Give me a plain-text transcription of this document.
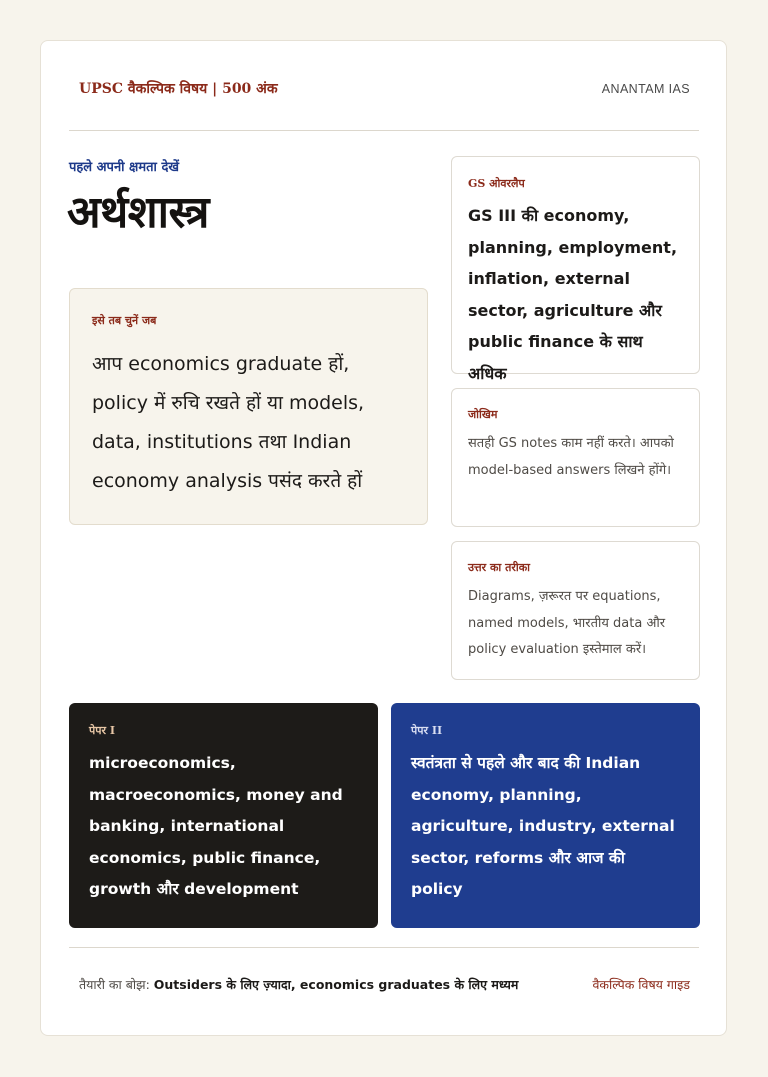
UPSC वैकल्पिक विषय | 500 अंक	ANANTAM IAS
पहले अपनी क्षमता देखें
अर्थशास्त्र
इसे तब चुनें जब
आप economics graduate हों, policy में रुचि रखते हों या models, data, institutions तथा Indian economy analysis पसंद करते हों
GS ओवरलैप
GS III की economy, planning, employment, inflation, external sector, agriculture और public finance के साथ अधिक
जोखिम
सतही GS notes काम नहीं करते। आपको model-based answers लिखने होंगे।
उत्तर का तरीका
Diagrams, ज़रूरत पर equations, named models, भारतीय data और policy evaluation इस्तेमाल करें।
पेपर I
microeconomics, macroeconomics, money and banking, international economics, public finance, growth और development
पेपर II
स्वतंत्रता से पहले और बाद की Indian economy, planning, agriculture, industry, external sector, reforms और आज की policy
तैयारी का बोझ: Outsiders के लिए ज़्यादा, economics graduates के लिए मध्यम	वैकल्पिक विषय गाइड
